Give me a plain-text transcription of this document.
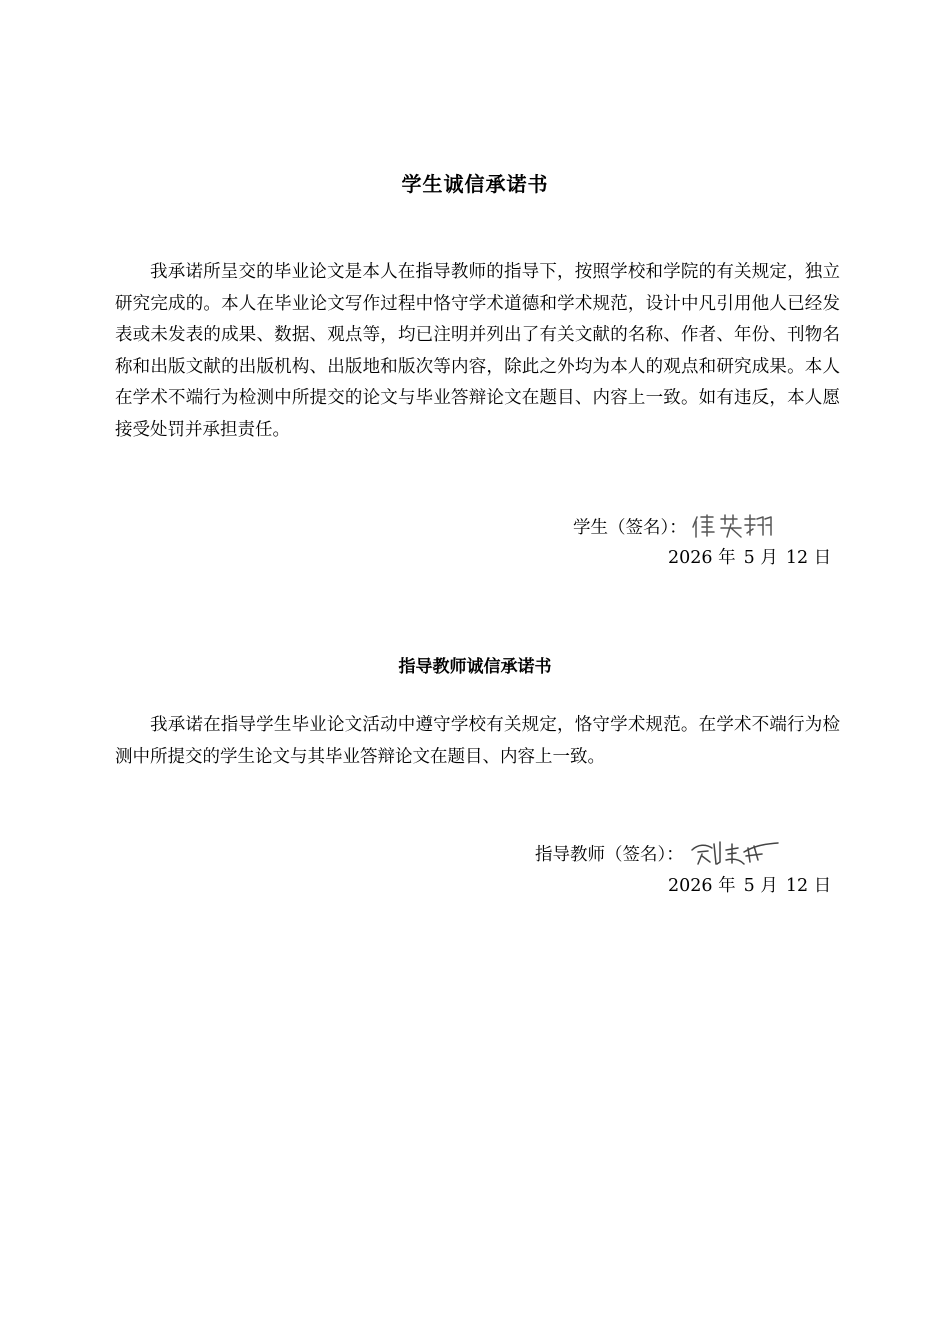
学生诚信承诺书

我承诺所呈交的毕业论文是本人在指导教师的指导下，按照学校和学院的有关规定，独立研究完成的。本人在毕业论文写作过程中恪守学术道德和学术规范，设计中凡引用他人已经发表或未发表的成果、数据、观点等，均已注明并列出了有关文献的名称、作者、年份、刊物名称和出版文献的出版机构、出版地和版次等内容，除此之外均为本人的观点和研究成果。本人在学术不端行为检测中所提交的论文与毕业答辩论文在题目、内容上一致。如有违反，本人愿接受处罚并承担责任。

学生（签名）：
2026 年 5 月 12 日
指导教师诚信承诺书

我承诺在指导学生毕业论文活动中遵守学校有关规定，恪守学术规范。在学术不端行为检测中所提交的学生论文与其毕业答辩论文在题目、内容上一致。

指导教师（签名）：
2026 年 5 月 12 日
